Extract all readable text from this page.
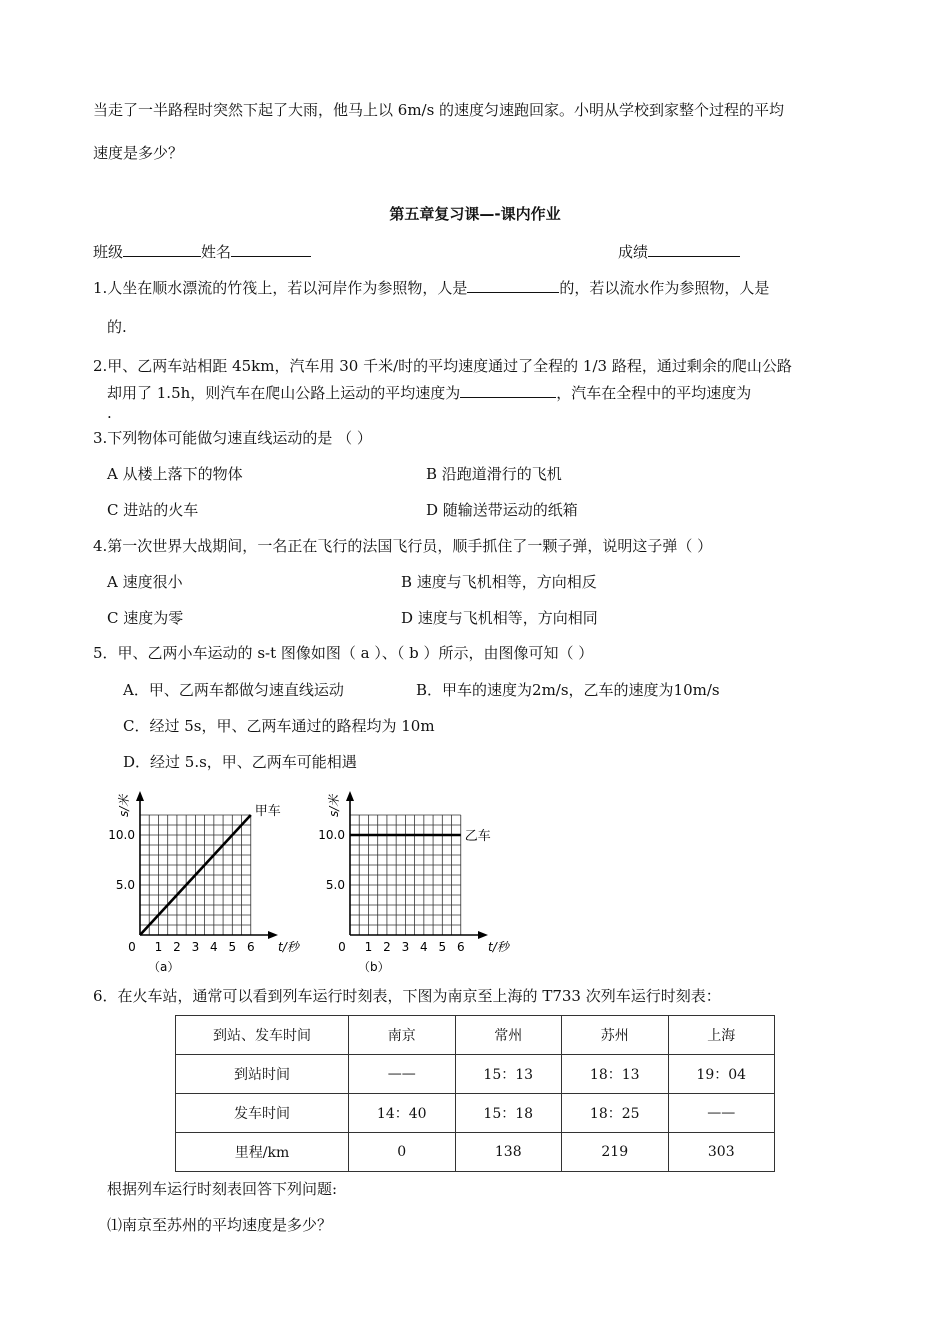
当走了一半路程时突然下起了大雨，他马上以 6m/s 的速度匀速跑回家。小明从学校到家整个过程的平均
速度是多少？
第五章复习课—-课内作业
班级	姓名	成绩
1.人坐在顺水漂流的竹筏上，若以河岸作为参照物，人是	的，若以流水作为参照物，人是
的.
2.甲、乙两车站相距 45km，汽车用 30 千米/时的平均速度通过了全程的 1/3 路程，通过剩余的爬山公路
却用了 1.5h，则汽车在爬山公路上运动的平均速度为	，汽车在全程中的平均速度为
.
3.下列物体可能做匀速直线运动的是 （ ）
A 从楼上落下的物体	B 沿跑道滑行的飞机
C 进站的火车	D 随输送带运动的纸箱
4.第一次世界大战期间，一名正在飞行的法国飞行员，顺手抓住了一颗子弹，说明这子弹（ ）
A 速度很小	B 速度与飞机相等，方向相反
C 速度为零	D 速度与飞机相等，方向相同
5．甲、乙两小车运动的 s-t 图像如图（ a ）、（ b ）所示，由图像可知（ ）
A．甲、乙两车都做匀速直线运动	B．甲车的速度为2m/s，乙车的速度为10m/s
C．经过 5s，甲、乙两车通过的路程均为 10m
D．经过 5.s，甲、乙两车可能相遇
5.0
10.0
0 1 2 3 4 5 6 t/秒
s/米	甲车
（a）
5.0
10.0
0 1 2 3 4 5 6 t/秒
s/米
乙车
（b）
6．在火车站，通常可以看到列车运行时刻表，下图为南京至上海的 T733 次列车运行时刻表：
到站、发车时间	南京	常州	苏州	上海
到站时间	——	15：13	18：13	19：04
发车时间	14：40	15：18	18：25	——
里程/km	0	138	219	303
根据列车运行时刻表回答下列问题:
⑴南京至苏州的平均速度是多少？
